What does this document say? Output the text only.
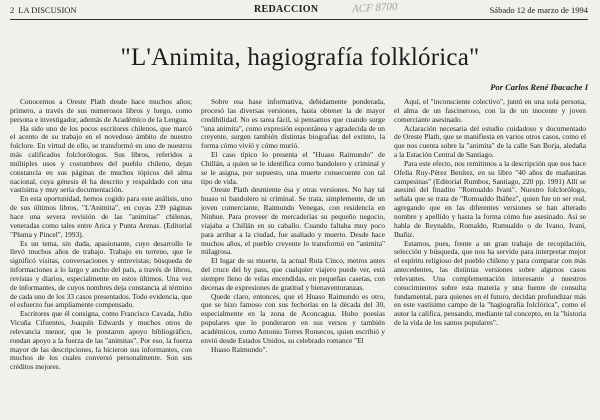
2 LA DISCUSION	REDACCION	ACF 8700	Sábado 12 de marzo de 1994
"L'Animita, hagiografía folklórica"
Por Carlos René Ibacache I

Conocemos a Oreste Plath desde hace muchos años; primero, a través de sus numerosos libros y luego, como persona e investigador, además de Académico de la Lengua.

Ha sido uno de los pocos escritores chilenos, que marcó el acento de su trabajo en el novedoso ámbito de nuestro folclore. En virtud de ello, se transformó en uno de nuestros más calificados folclorólogos. Sus libros, referidos a múltiples usos y costumbres del pueblo chileno, dejan constancia en sus páginas de muchos tópicos del alma nacional, cuya génesis él ha descrito y respaldado con una vastísima y muy seria documentación.

En esta oportunidad, hemos cogido para este análisis, uno de sus últimos libros, "L'Animita", en cuyas 239 páginas hace una severa revisión de las "animitas" chilenas, veneradas como tales entre Arica y Punta Arenas. (Editorial "Pluma y Pincel", 1993).

Es un tema, sin duda, apasionante, cuyo desarrollo le llevó muchos años de trabajo. Trabajo en terreno, que le significó visitas, conversaciones y entrevistas; búsqueda de informaciones a lo largo y ancho del país, a través de libros, revistas y diarios, especialmente en estos últimos. Una vez de informantes, de cuyos nombres deja constancia al término de cada uno de los 33 casos presentados. Todo evidencia, que el esfuerzo fue ampliamente compensado.

Escritores que él consigna, como Francisco Cavada, Julio Vicuña Cifuentes, Joaquín Edwards y muchos otros de relevancia menor, que le prestaron apoyo bibliográfico, rondan apoyo a la fuerza de las "animitas". Por eso, la fuerza mayor de las descripciones, la hicieron sus informantes, con muchos de los cuales conversó personalmente. Son sus créditos mejores.

Sobre esa base informativa, debidamente ponderada, procesó las diversas versiones, hasta obtener la de mayor credibilidad. No es tarea fácil, si pensamos que cuando surge "una animita", como expresión espontánea y agradecida de un creyente, surgen también distintas biografías del extinto, la forma cómo vivió y cómo murió.

El caso típico lo presenta el "Huaso Raimundo" de Chillán, a quien se le identifica como bandolero y criminal y se le asigna, por supuesto, una muerte consecuente con tal tipo de vida.

Oreste Plath desmiente ésa y otras versiones. No hay tal huaso ni bandolero ni criminal. Se trata, simplemente, de un joven comerciante, Raimundo Venegas, con residencia en Ninhue. Para proveer de mercaderías su pequeño negocio, viajaba a Chillán en su caballo. Cuando faltaba muy poco para arribar a la ciudad, fue asaltado y muerto. Desde hace muchos años, el pueblo creyente lo transformó en "animita" milagrosa.

El lugar de su muerte, la actual Ruta Cinco, metros antes del cruce del by pass, que cualquier viajero puede ver, está siempre lleno de velas encendidas, en pequeñas casetas, con decenas de expresiones de gratitud y bienaventuranzas.

Quede claro, entonces, que el Huaso Raimundo es otro, que se hizo famoso con sus fechorías en la década del 30, especialmente en la zona de Aconcagua. Hubo poesías populares que lo ponderaron en sus versos y también académicos, como Antonio Torres Ronsecos, quien escribió y envió desde Estados Unidos, su celebrado romance "El

Huaso Raimundo".

Aquí, el "inconsciente colectivo", juntó en una sola persona, el alma de un fascineroso, con la de un inocente y joven comerciante asesinado.

Aclaración necesaria del estudio cuidadoso y documentado de Oreste Plath, que se manifiesta en varios otros casos, como el que nos cuenta sobre la "animita" de la calle San Borja, aledaña a la Estación Central de Santiago.

Para este efecto, nos remitimos a la descripción que nos hace Ofelia Ruy-Pérez Benítez, en su libro "40 años de mañanitas campesinas" (Editorial Rumbos, Santiago, 220 pp. 1991) Allí se asesinó del finadito "Romualdo Ivani". Nuestro folclorólogo, señala que se trata de "Romualdo Ibáñez", quien fue un ser real, agregando que en las diferentes versiones se han alterado nombre y apellido y hasta la forma cómo fue asesinado. Así se habla de Reynaldo, Romaldo, Rumualdo o de Ivano, Ivani, Ibañiz.

Estamos, pues, frente a un gran trabajo de recopilación, selección y búsqueda, que nos ha servido para interpretar mejor el espíritu religioso del pueblo chileno y para comparar con más antecedentes, las distintas versiones sobre algunos casos relevantes. Una complementación interesante a nuestros conocimientos sobre esta materia y una fuente de consulta fundamental, para quienes en el futuro, decidan profundizar más en este vastísimo campo de la "hagiografía folclórica", como el autor la califica, pensando, mediante tal concepto, en la "historia de la vida de los santos populares".
